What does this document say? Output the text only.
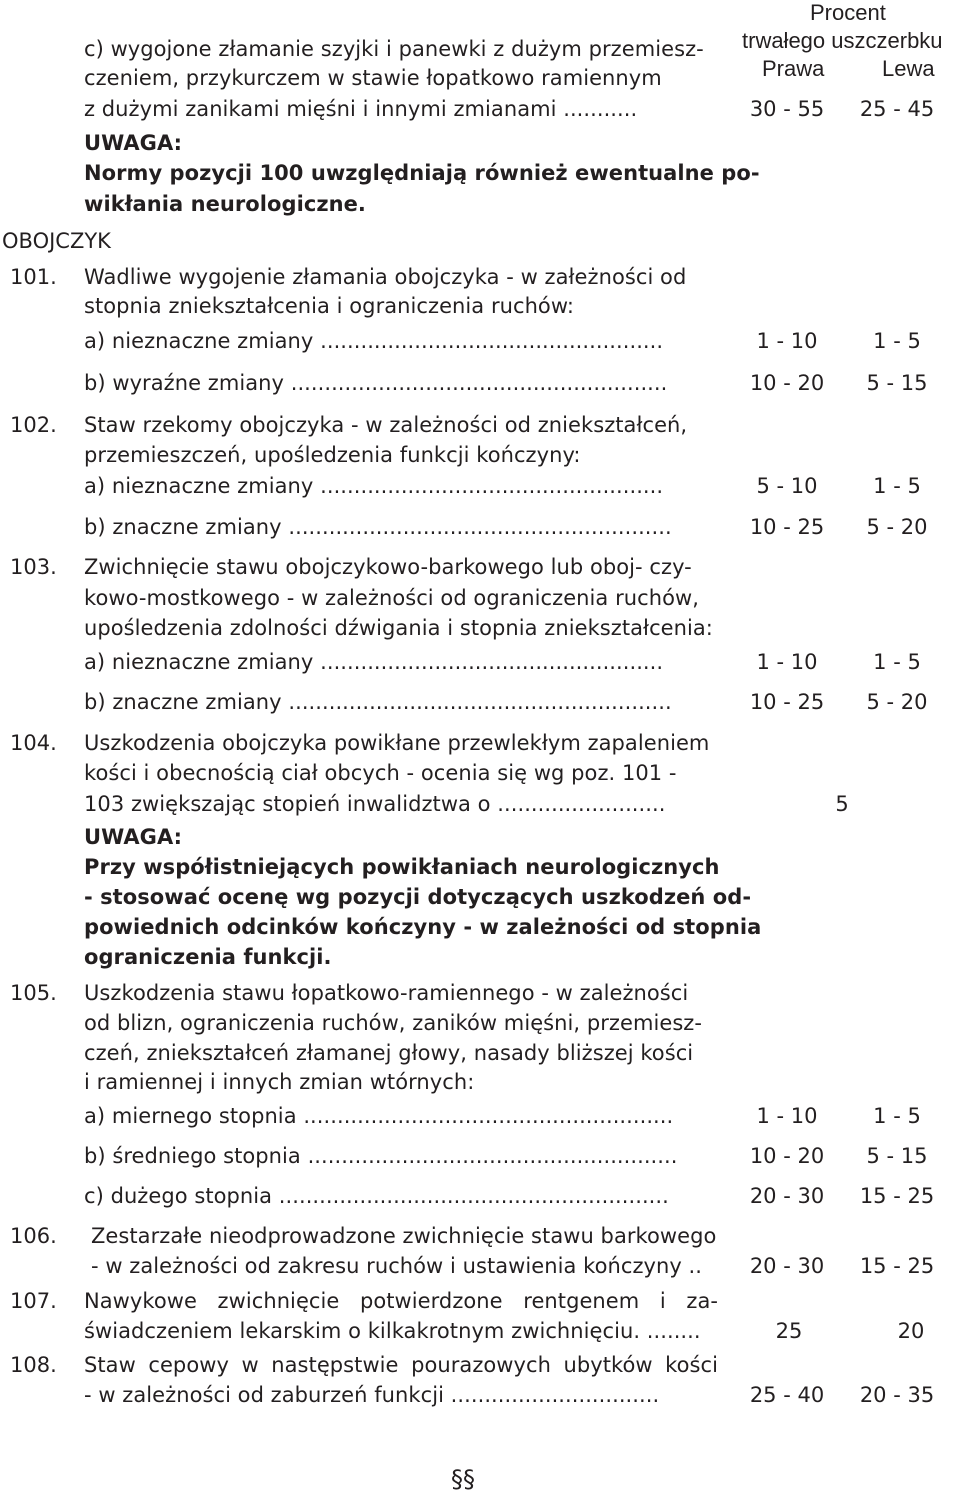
Procent
trwałego uszczerbku
Prawa	Lewa
c) wygojone złamanie szyjki i panewki z dużym przemiesz-
czeniem, przykurczem w stawie łopatkowo ramiennym
z dużymi zanikami mięśni i innymi zmianami ...........	30 - 55	25 - 45
UWAGA:
Normy pozycji 100 uwzględniają również ewentualne po-
wikłania neurologiczne.
OBOJCZYK
101. Wadliwe wygojenie złamania obojczyka - w załeżności od
stopnia zniekształcenia i ograniczenia ruchów:
a) nieznaczne zmiany ...................................................	1 - 10	1 - 5
b) wyraźne zmiany ........................................................	10 - 20	5 - 15
102. Staw rzekomy obojczyka - w zależności od zniekształceń,
przemieszczeń, upośledzenia funkcji kończyny:
a) nieznaczne zmiany ...................................................	5 - 10	1 - 5
b) znaczne zmiany .........................................................	10 - 25	5 - 20
103. Zwichnięcie stawu obojczykowo-barkowego lub oboj- czy-
kowo-mostkowego - w zależności od ograniczenia ruchów,
upośledzenia zdolności dźwigania i stopnia zniekształcenia:
a) nieznaczne zmiany ...................................................	1 - 10	1 - 5
b) znaczne zmiany .........................................................	10 - 25	5 - 20
104. Uszkodzenia obojczyka powikłane przewlekłym zapaleniem
kości i obecnością ciał obcych - ocenia się wg poz. 101 -
103 zwiększając stopień inwalidztwa o .........................	5
UWAGA:
Przy współistniejących powikłaniach neurologicznych
- stosować ocenę wg pozycji dotyczących uszkodzeń od-
powiednich odcinków kończyny - w zależności od stopnia
ograniczenia funkcji.
105. Uszkodzenia stawu łopatkowo-ramiennego - w zależności
od blizn, ograniczenia ruchów, zaników mięśni, przemiesz-
czeń, zniekształceń złamanej głowy, nasady bliższej kości
i ramiennej i innych zmian wtórnych:
a) miernego stopnia .......................................................	1 - 10	1 - 5
b) średniego stopnia .......................................................	10 - 20	5 - 15
c) dużego stopnia ..........................................................	20 - 30	15 - 25
106. Zestarzałe nieodprowadzone zwichnięcie stawu barkowego
- w zależności od zakresu ruchów i ustawienia kończyny ..	20 - 30	15 - 25
107. Nawykowe zwichnięcie potwierdzone rentgenem i za-
świadczeniem lekarskim o kilkakrotnym zwichnięciu. ........	25	20
108. Staw cepowy w następstwie pourazowych ubytków kości
- w zależności od zaburzeń funkcji ...............................	25 - 40	20 - 35
§§
